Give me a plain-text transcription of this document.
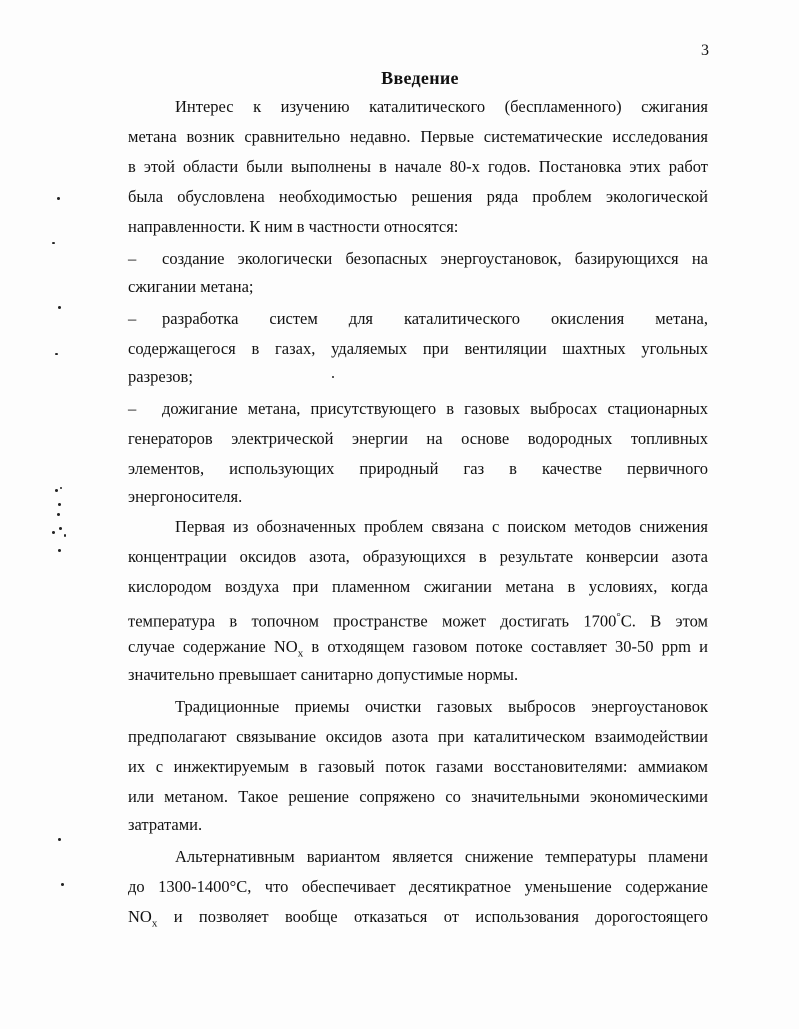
3
Введение
Интерес к изучению каталитического (беспламенного) сжигания
метана возник сравнительно недавно. Первые систематические исследования
в этой области были выполнены в начале 80-х годов. Постановка этих работ
была обусловлена необходимостью решения ряда проблем экологической
направленности. К ним в частности относятся:
– создание экологически безопасных энергоустановок, базирующихся на
сжигании метана;
– разработка систем для каталитического окисления метана,
содержащегося в газах, удаляемых при вентиляции шахтных угольных
разрезов;
– дожигание метана, присутствующего в газовых выбросах стационарных
генераторов электрической энергии на основе водородных топливных
элементов, использующих природный газ в качестве первичного
энергоносителя.
Первая из обозначенных проблем связана с поиском методов снижения
концентрации оксидов азота, образующихся в результате конверсии азота
кислородом воздуха при пламенном сжигании метана в условиях, когда
температура в топочном пространстве может достигать 1700°С. В этом
случае содержание $NO_x$ в отходящем газовом потоке составляет 30-50 ppm и
значительно превышает санитарно допустимые нормы.
Традиционные приемы очистки газовых выбросов энергоустановок
предполагают связывание оксидов азота при каталитическом взаимодействии
их с инжектируемым в газовый поток газами восстановителями: аммиаком
или метаном. Такое решение сопряжено со значительными экономическими
затратами.
Альтернативным вариантом является снижение температуры пламени
до 1300-1400°С, что обеспечивает десятикратное уменьшение содержание
$NO_x$ и позволяет вообще отказаться от использования дорогостоящего
